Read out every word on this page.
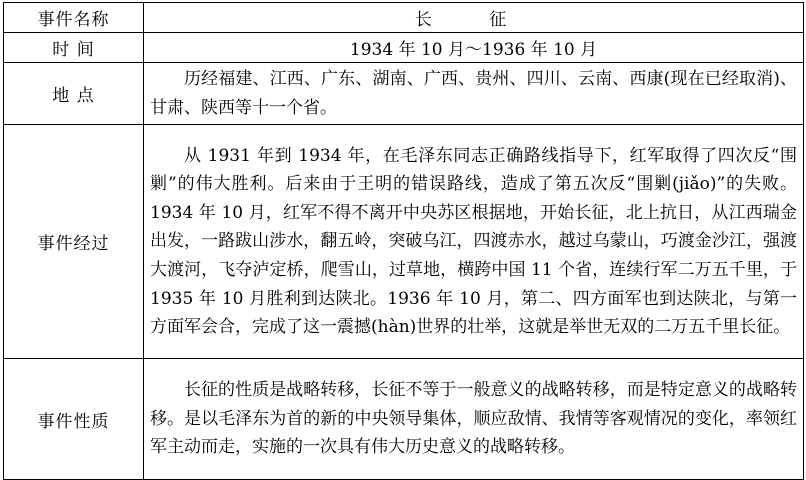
事件名称	长 征
时 间	1934 年 10 月～1936 年 10 月
地 点	历经福建、江西、广东、湖南、广西、贵州、四川、云南、西康(现在已经取消)、甘肃、陕西等十一个省。
事件经过	从 1931 年到 1934 年，在毛泽东同志正确路线指导下，红军取得了四次反“围剿”的伟大胜利。后来由于王明的错误路线，造成了第五次反“围剿(jiǎo)”的失败。1934 年 10 月，红军不得不离开中央苏区根据地，开始长征，北上抗日，从江西瑞金出发，一路跋山涉水，翻五岭，突破乌江，四渡赤水，越过乌蒙山，巧渡金沙江，强渡大渡河，飞夺泸定桥，爬雪山，过草地，横跨中国 11 个省，连续行军二万五千里，于 1935 年 10 月胜利到达陕北。1936 年 10 月，第二、四方面军也到达陕北，与第一方面军会合，完成了这一震撼(hàn)世界的壮举，这就是举世无双的二万五千里长征。
事件性质	长征的性质是战略转移，长征不等于一般意义的战略转移，而是特定意义的战略转移。是以毛泽东为首的新的中央领导集体，顺应敌情、我情等客观情况的变化，率领红军主动而走，实施的一次具有伟大历史意义的战略转移。
